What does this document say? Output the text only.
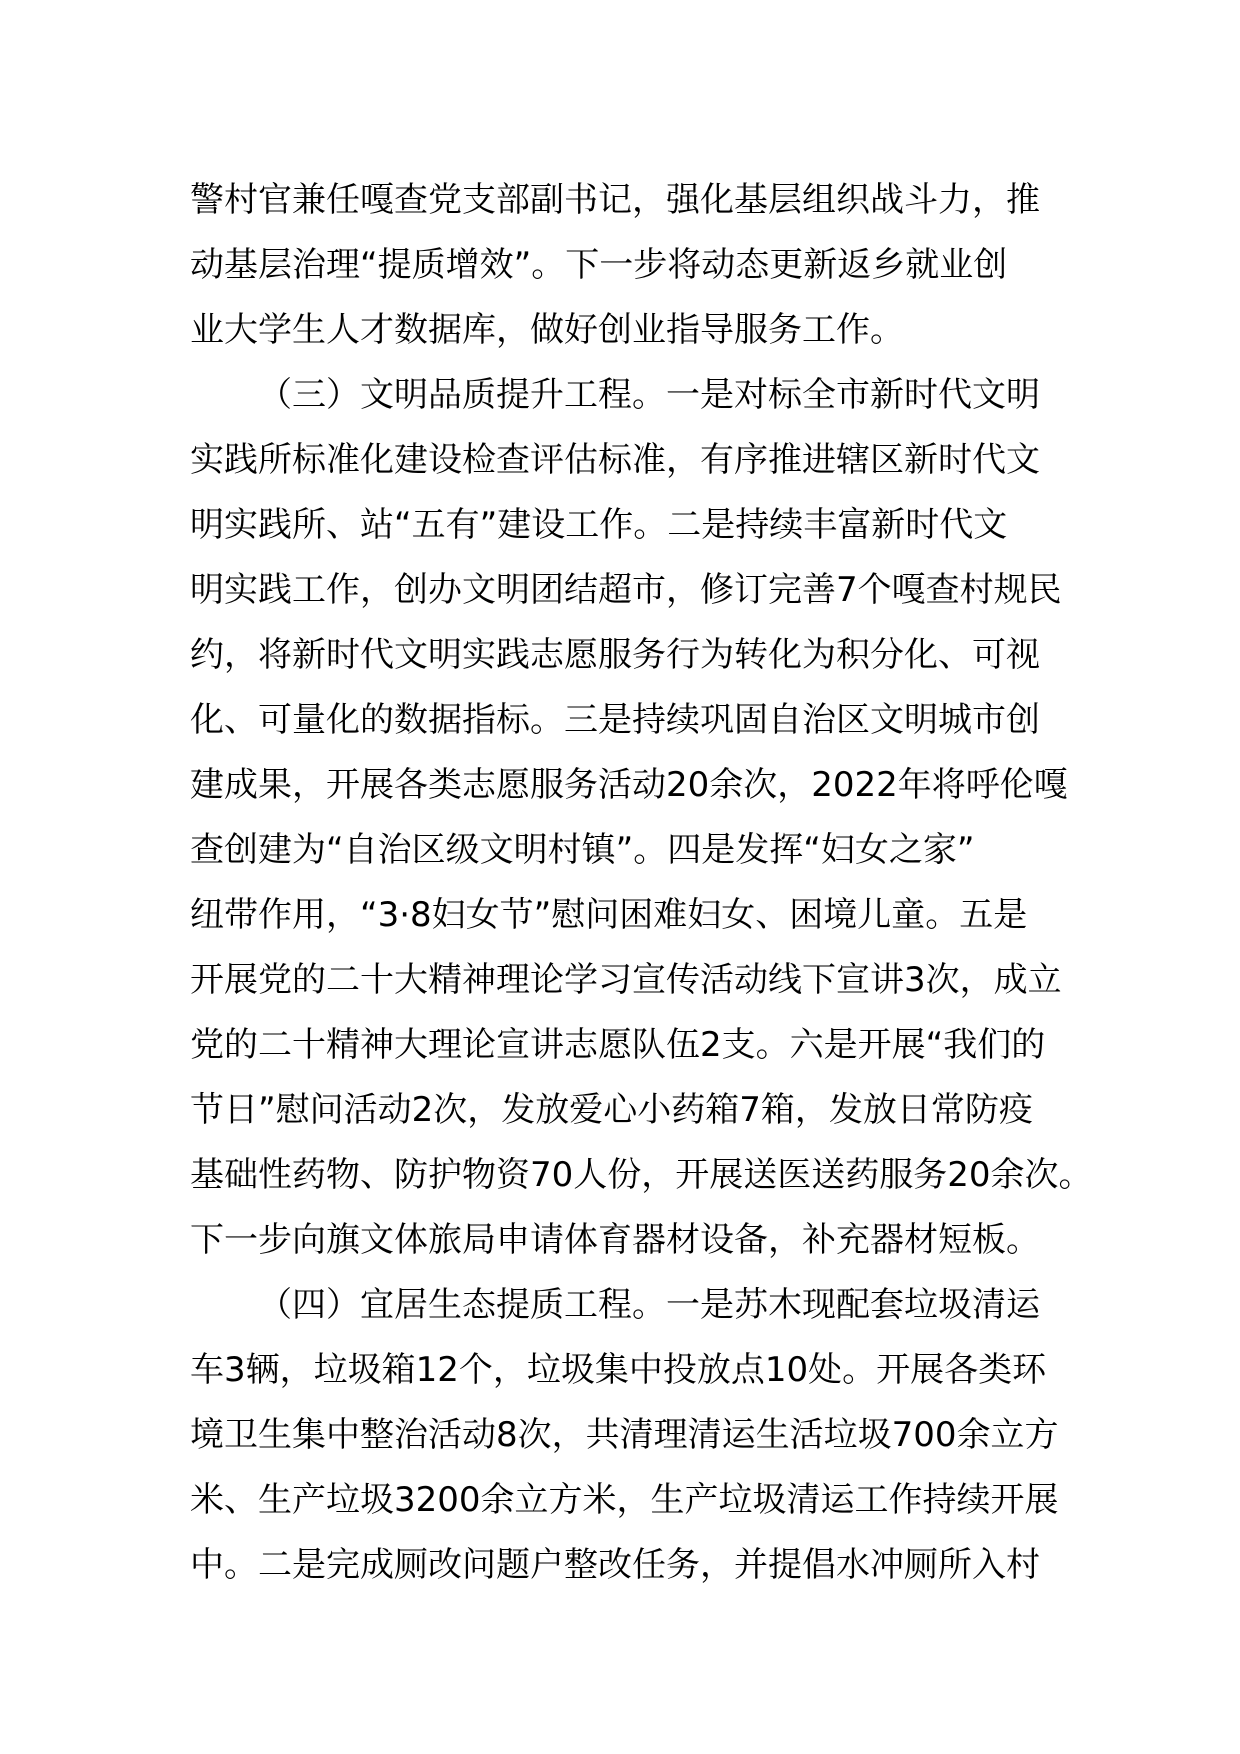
警村官兼任嘎查党支部副书记，强化基层组织战斗力，推
动基层治理“提质增效”。下一步将动态更新返乡就业创
业大学生人才数据库，做好创业指导服务工作。
（三）文明品质提升工程。一是对标全市新时代文明
实践所标准化建设检查评估标准，有序推进辖区新时代文
明实践所、站“五有”建设工作。二是持续丰富新时代文
明实践工作，创办文明团结超市，修订完善7个嘎查村规民
约，将新时代文明实践志愿服务行为转化为积分化、可视
化、可量化的数据指标。三是持续巩固自治区文明城市创
建成果，开展各类志愿服务活动20余次，2022年将呼伦嘎
查创建为“自治区级文明村镇”。四是发挥“妇女之家”
纽带作用，“3·8妇女节”慰问困难妇女、困境儿童。五是
开展党的二十大精神理论学习宣传活动线下宣讲3次，成立
党的二十精神大理论宣讲志愿队伍2支。六是开展“我们的
节日”慰问活动2次，发放爱心小药箱7箱，发放日常防疫
基础性药物、防护物资70人份，开展送医送药服务20余次。
下一步向旗文体旅局申请体育器材设备，补充器材短板。
（四）宜居生态提质工程。一是苏木现配套垃圾清运
车3辆，垃圾箱12个，垃圾集中投放点10处。开展各类环
境卫生集中整治活动8次，共清理清运生活垃圾700余立方
米、生产垃圾3200余立方米，生产垃圾清运工作持续开展
中。二是完成厕改问题户整改任务，并提倡水冲厕所入村
